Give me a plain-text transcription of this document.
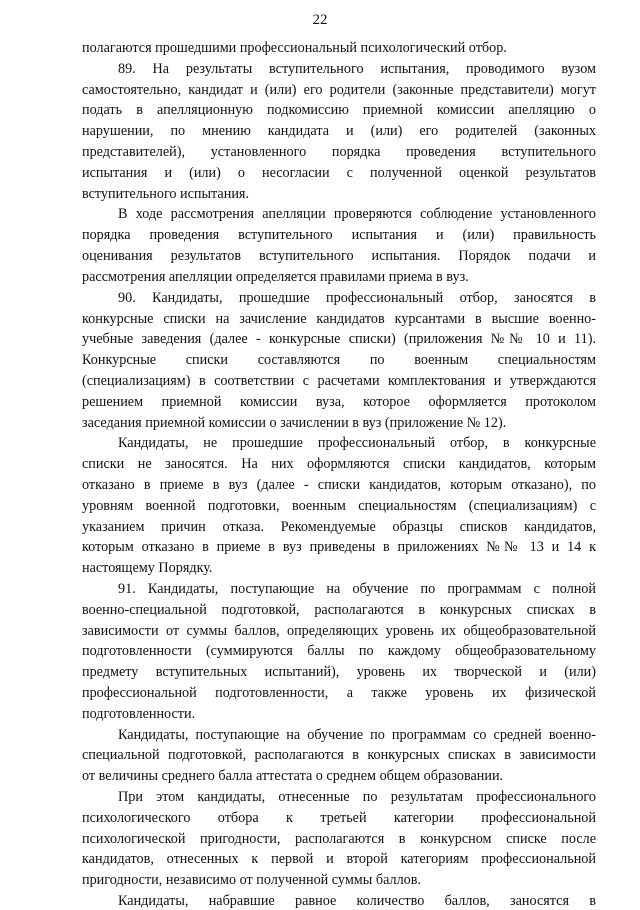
22
полагаются прошедшими профессиональный психологический отбор.
89. На результаты вступительного испытания, проводимого вузом
самостоятельно, кандидат и (или) его родители (законные представители) могут
подать в апелляционную подкомиссию приемной комиссии апелляцию о
нарушении, по мнению кандидата и (или) его родителей (законных
представителей), установленного порядка проведения вступительного
испытания и (или) о несогласии с полученной оценкой результатов
вступительного испытания.
В ходе рассмотрения апелляции проверяются соблюдение установленного
порядка проведения вступительного испытания и (или) правильность
оценивания результатов вступительного испытания. Порядок подачи и
рассмотрения апелляции определяется правилами приема в вуз.
90. Кандидаты, прошедшие профессиональный отбор, заносятся в
конкурсные списки на зачисление кандидатов курсантами в высшие военно-
учебные заведения (далее - конкурсные списки) (приложения №№ 10 и 11).
Конкурсные списки составляются по военным специальностям
(специализациям) в соответствии с расчетами комплектования и утверждаются
решением приемной комиссии вуза, которое оформляется протоколом
заседания приемной комиссии о зачислении в вуз (приложение № 12).
Кандидаты, не прошедшие профессиональный отбор, в конкурсные
списки не заносятся. На них оформляются списки кандидатов, которым
отказано в приеме в вуз (далее - списки кандидатов, которым отказано), по
уровням военной подготовки, военным специальностям (специализациям) с
указанием причин отказа. Рекомендуемые образцы списков кандидатов,
которым отказано в приеме в вуз приведены в приложениях №№ 13 и 14 к
настоящему Порядку.
91. Кандидаты, поступающие на обучение по программам с полной
военно-специальной подготовкой, располагаются в конкурсных списках в
зависимости от суммы баллов, определяющих уровень их общеобразовательной
подготовленности (суммируются баллы по каждому общеобразовательному
предмету вступительных испытаний), уровень их творческой и (или)
профессиональной подготовленности, а также уровень их физической
подготовленности.
Кандидаты, поступающие на обучение по программам со средней военно-
специальной подготовкой, располагаются в конкурсных списках в зависимости
от величины среднего балла аттестата о среднем общем образовании.
При этом кандидаты, отнесенные по результатам профессионального
психологического отбора к третьей категории профессиональной
психологической пригодности, располагаются в конкурсном списке после
кандидатов, отнесенных к первой и второй категориям профессиональной
пригодности, независимо от полученной суммы баллов.
Кандидаты, набравшие равное количество баллов, заносятся в
